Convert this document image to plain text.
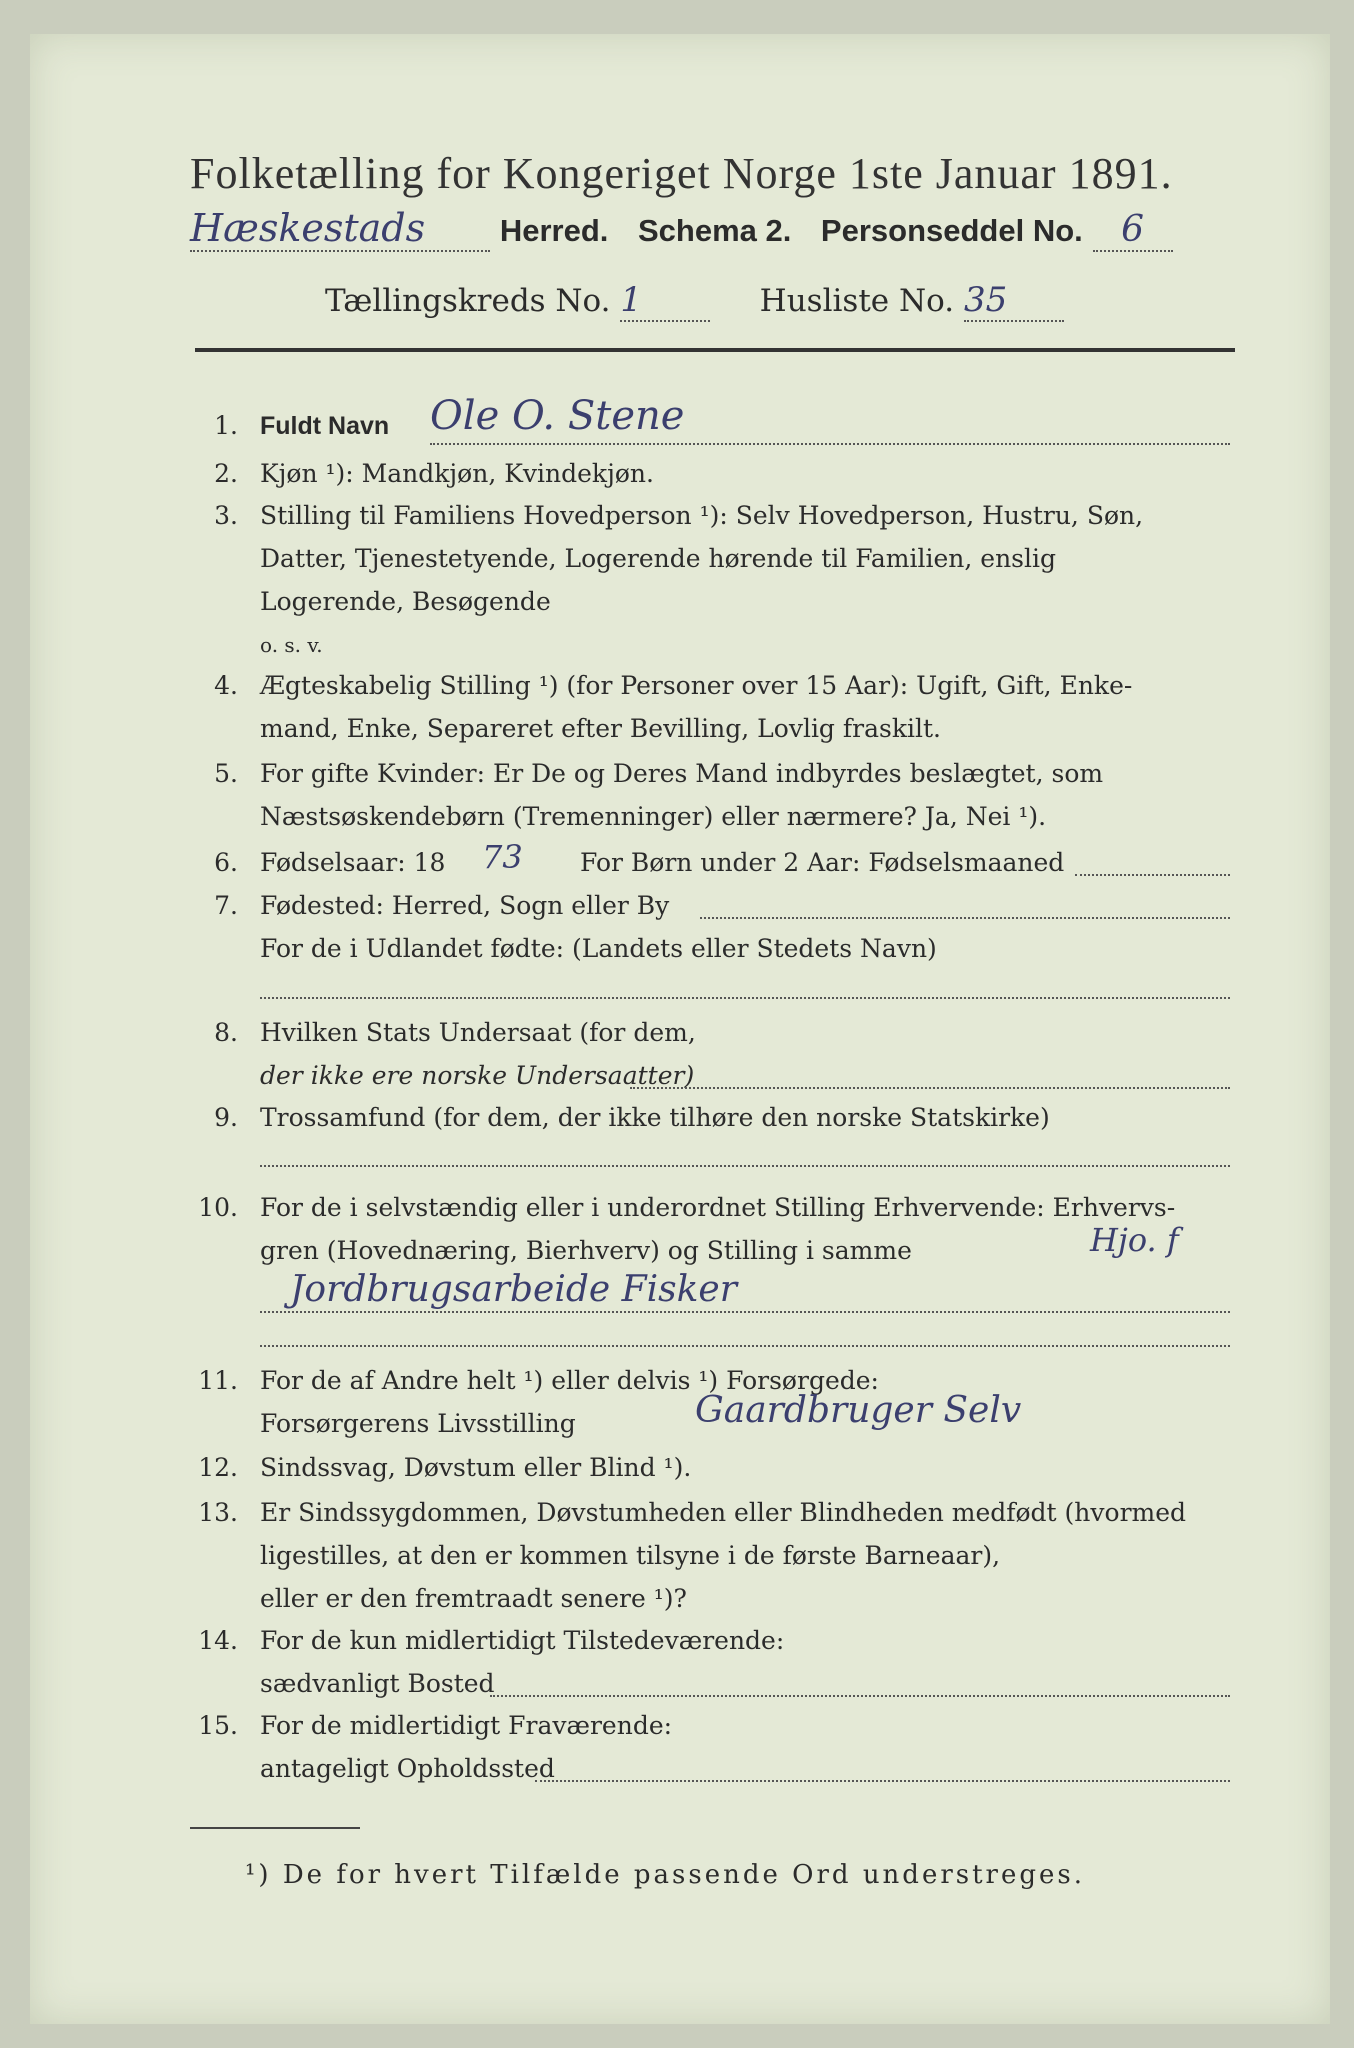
Folketælling for Kongeriget Norge 1ste Januar 1891.
Hæskestads Herred. Schema 2. Personseddel No. 6
Tællingskreds No. 1	Husliste No. 35
1. Fuldt Navn Ole O. Stene
2. Kjøn ¹): Mandkjøn, Kvindekjøn.
3. Stilling til Familiens Hovedperson ¹): Selv Hovedperson, Hustru, Søn,
Datter, Tjenestetyende, Logerende hørende til Familien, enslig
Logerende, Besøgende
o. s. v.
4. Ægteskabelig Stilling ¹) (for Personer over 15 Aar): Ugift, Gift, Enke-
mand, Enke, Separeret efter Bevilling, Lovlig fraskilt.
5. For gifte Kvinder: Er De og Deres Mand indbyrdes beslægtet, som
Næstsøskendebørn (Tremenninger) eller nærmere? Ja, Nei ¹).
6. Fødselsaar: 18 73 For Børn under 2 Aar: Fødselsmaaned
7. Fødested: Herred, Sogn eller By
For de i Udlandet fødte: (Landets eller Stedets Navn)
8. Hvilken Stats Undersaat (for dem,
der ikke ere norske Undersaatter)
9. Trossamfund (for dem, der ikke tilhøre den norske Statskirke)
10. For de i selvstændig eller i underordnet Stilling Erhvervende: Erhvervs-
gren (Hovednæring, Bierhverv) og Stilling i samme	Hjo. f
Jordbrugsarbeide Fisker
11. For de af Andre helt ¹) eller delvis ¹) Forsørgede:
Forsørgerens Livsstilling	Gaardbruger Selv
12. Sindssvag, Døvstum eller Blind ¹).
13. Er Sindssygdommen, Døvstumheden eller Blindheden medfødt (hvormed
ligestilles, at den er kommen tilsyne i de første Barneaar),
eller er den fremtraadt senere ¹)?
14. For de kun midlertidigt Tilstedeværende:
sædvanligt Bosted
15. For de midlertidigt Fraværende:
antageligt Opholdssted
¹) De for hvert Tilfælde passende Ord understreges.
